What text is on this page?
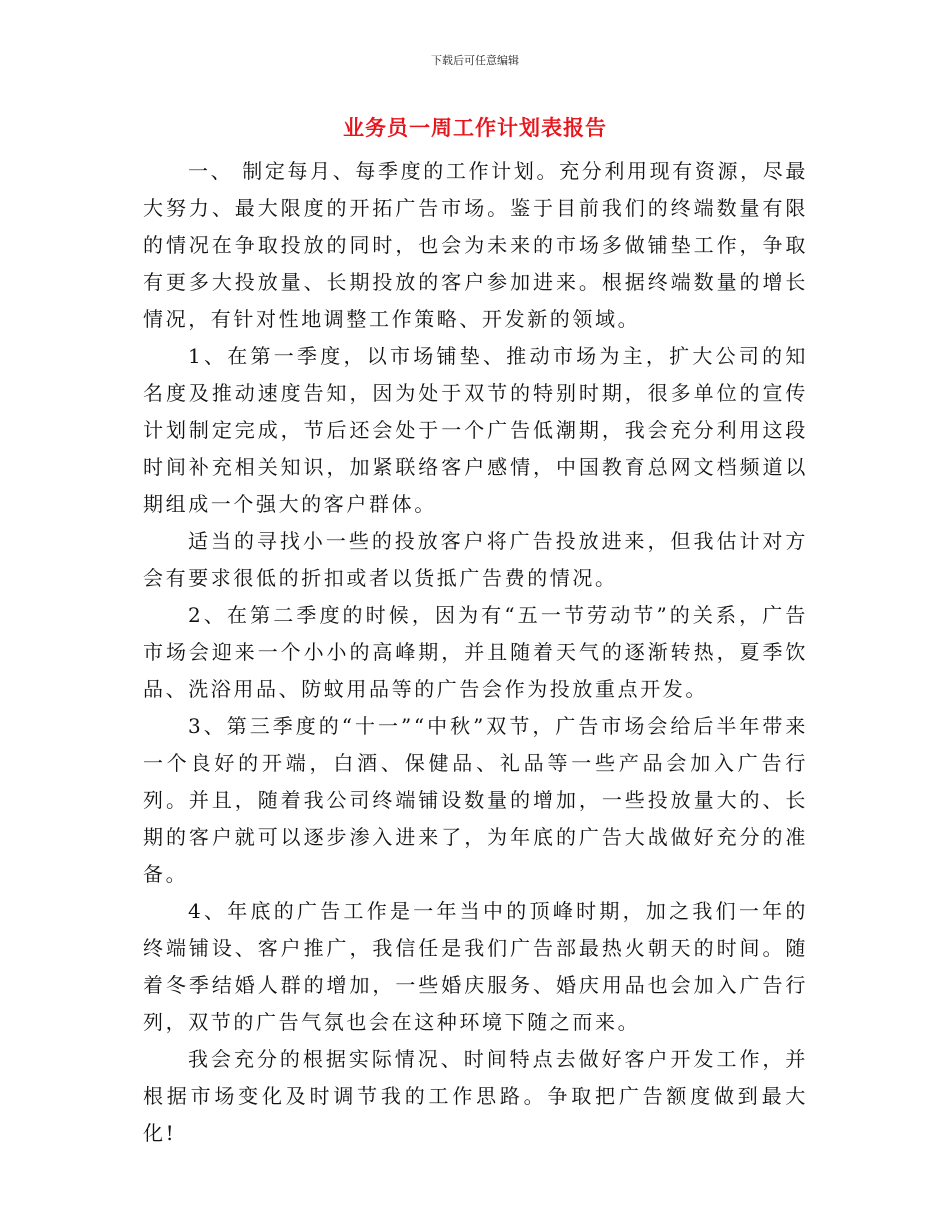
下载后可任意编辑
业务员一周工作计划表报告

一、 制定每月、每季度的工作计划。充分利用现有资源，尽最大努力、最大限度的开拓广告市场。鉴于目前我们的终端数量有限的情况在争取投放的同时，也会为未来的市场多做铺垫工作，争取有更多大投放量、长期投放的客户参加进来。根据终端数量的增长情况，有针对性地调整工作策略、开发新的领域。

1、在第一季度，以市场铺垫、推动市场为主，扩大公司的知名度及推动速度告知，因为处于双节的特别时期，很多单位的宣传计划制定完成，节后还会处于一个广告低潮期，我会充分利用这段时间补充相关知识，加紧联络客户感情，中国教育总网文档频道以期组成一个强大的客户群体。

适当的寻找小一些的投放客户将广告投放进来，但我估计对方会有要求很低的折扣或者以货抵广告费的情况。

2、在第二季度的时候，因为有“五一节劳动节”的关系，广告市场会迎来一个小小的高峰期，并且随着天气的逐渐转热，夏季饮品、洗浴用品、防蚊用品等的广告会作为投放重点开发。

3、第三季度的“十一”“中秋”双节，广告市场会给后半年带来一个良好的开端，白酒、保健品、礼品等一些产品会加入广告行列。并且，随着我公司终端铺设数量的增加，一些投放量大的、长期的客户就可以逐步渗入进来了，为年底的广告大战做好充分的准备。

4、年底的广告工作是一年当中的顶峰时期，加之我们一年的终端铺设、客户推广，我信任是我们广告部最热火朝天的时间。随着冬季结婚人群的增加，一些婚庆服务、婚庆用品也会加入广告行列，双节的广告气氛也会在这种环境下随之而来。

我会充分的根据实际情况、时间特点去做好客户开发工作，并根据市场变化及时调节我的工作思路。争取把广告额度做到最大化!
